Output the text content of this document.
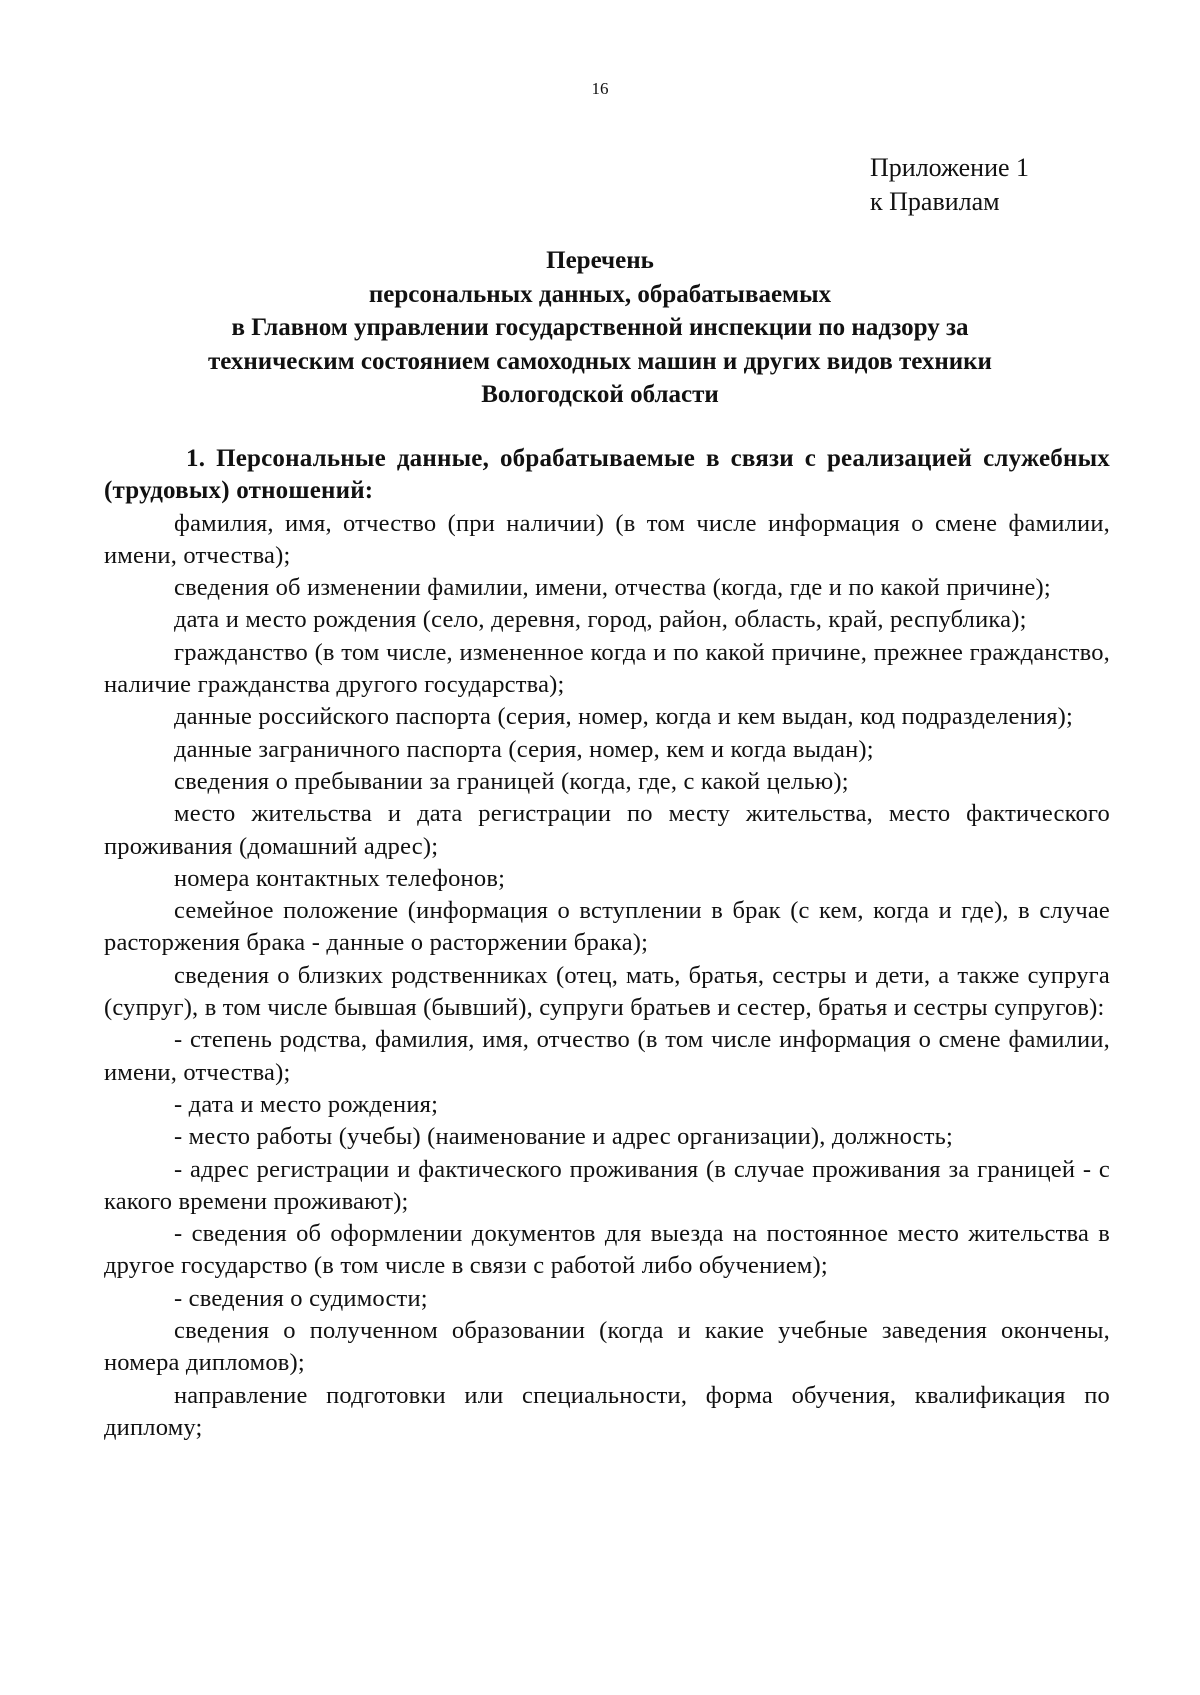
16
Приложение 1
к Правилам
Перечень
персональных данных, обрабатываемых
в Главном управлении государственной инспекции по надзору за
техническим состоянием самоходных машин и других видов техники
Вологодской области

1. Персональные данные, обрабатываемые в связи с реализацией служебных (трудовых) отношений:

фамилия, имя, отчество (при наличии) (в том числе информация о смене фамилии, имени, отчества);

сведения об изменении фамилии, имени, отчества (когда, где и по какой причине);

дата и место рождения (село, деревня, город, район, область, край, республика);

гражданство (в том числе, измененное когда и по какой причине, прежнее гражданство, наличие гражданства другого государства);

данные российского паспорта (серия, номер, когда и кем выдан, код подразделения);

данные заграничного паспорта (серия, номер, кем и когда выдан);

сведения о пребывании за границей (когда, где, с какой целью);

место жительства и дата регистрации по месту жительства, место фактического проживания (домашний адрес);

номера контактных телефонов;

семейное положение (информация о вступлении в брак (с кем, когда и где), в случае расторжения брака - данные о расторжении брака);

сведения о близких родственниках (отец, мать, братья, сестры и дети, а также супруга (супруг), в том числе бывшая (бывший), супруги братьев и сестер, братья и сестры супругов):

- степень родства, фамилия, имя, отчество (в том числе информация о смене фамилии, имени, отчества);

- дата и место рождения;

- место работы (учебы) (наименование и адрес организации), должность;

- адрес регистрации и фактического проживания (в случае проживания за границей - с какого времени проживают);

- сведения об оформлении документов для выезда на постоянное место жительства в другое государство (в том числе в связи с работой либо обучением);

- сведения о судимости;

сведения о полученном образовании (когда и какие учебные заведения окончены, номера дипломов);

направление подготовки или специальности, форма обучения, квалификация по диплому;
